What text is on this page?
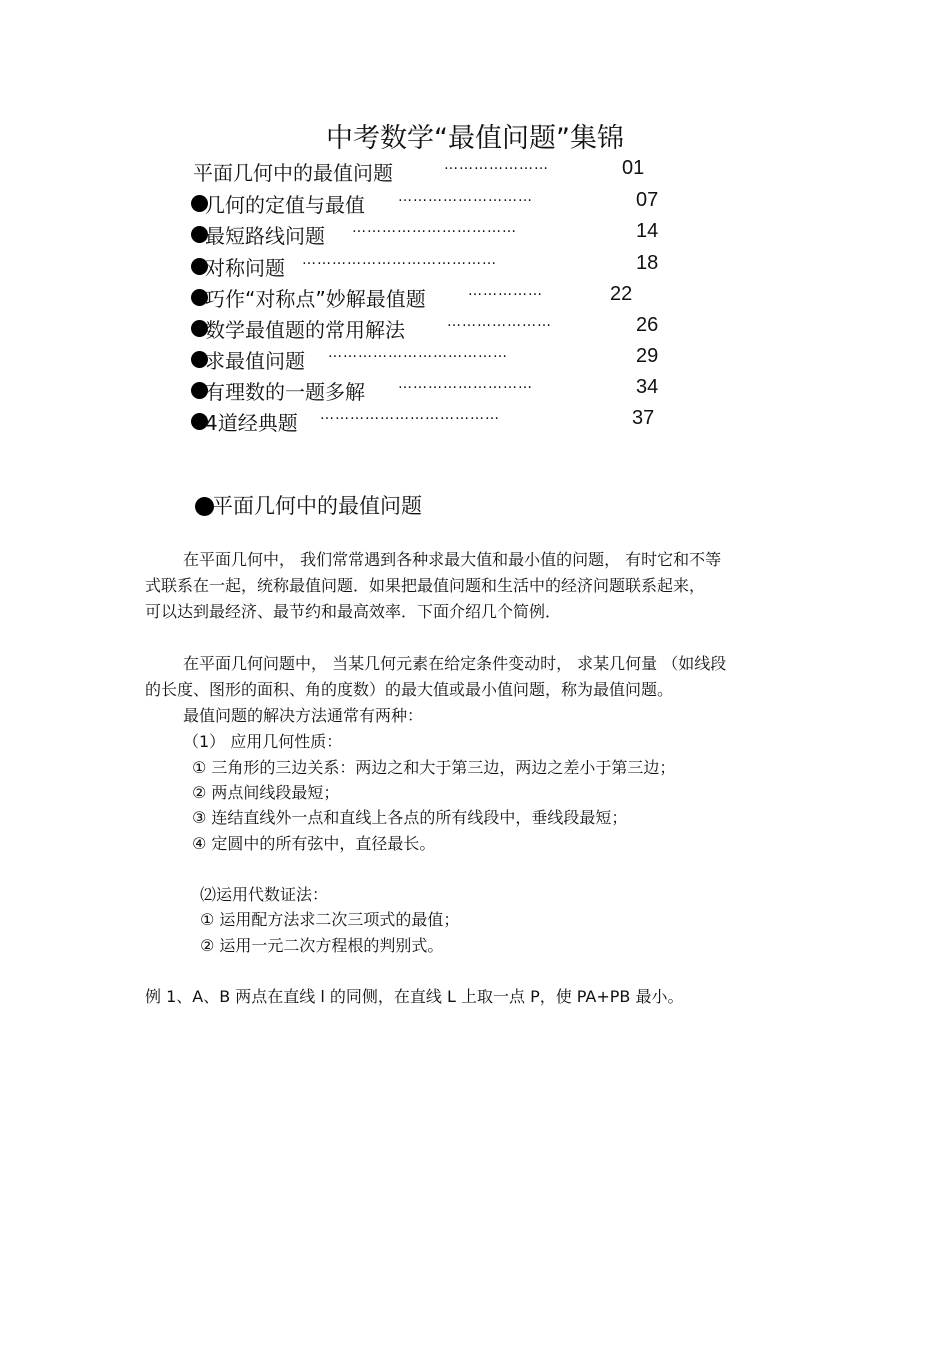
中考数学“最值问题”集锦
平面几何中的最值问题	…………………	01
几何的定值与最值 ………………………	07
最短路线问题 ……………………………	14
对称问题 …………………………………	18
巧作“对称点”妙解最值题	……………	22
数学最值题的常用解法	…………………	26
求最值问题 ………………………………	29
有理数的一题多解 ………………………	34
4道经典题 ………………………………	37
平面几何中的最值问题
在平面几何中， 我们常常遇到各种求最大值和最小值的问题， 有时它和不等
式联系在一起，统称最值问题．如果把最值问题和生活中的经济问题联系起来，
可以达到最经济、最节约和最高效率．下面介绍几个简例．
在平面几何问题中， 当某几何元素在给定条件变动时， 求某几何量 （如线段
的长度、图形的面积、角的度数）的最大值或最小值问题，称为最值问题。
最值问题的解决方法通常有两种：
（1） 应用几何性质：
① 三角形的三边关系：两边之和大于第三边，两边之差小于第三边；
② 两点间线段最短；
③ 连结直线外一点和直线上各点的所有线段中，垂线段最短；
④ 定圆中的所有弦中，直径最长。
⑵运用代数证法：
① 运用配方法求二次三项式的最值；
② 运用一元二次方程根的判别式。
例 1、A、B 两点在直线 l 的同侧，在直线 L 上取一点 P，使 PA+PB 最小。
